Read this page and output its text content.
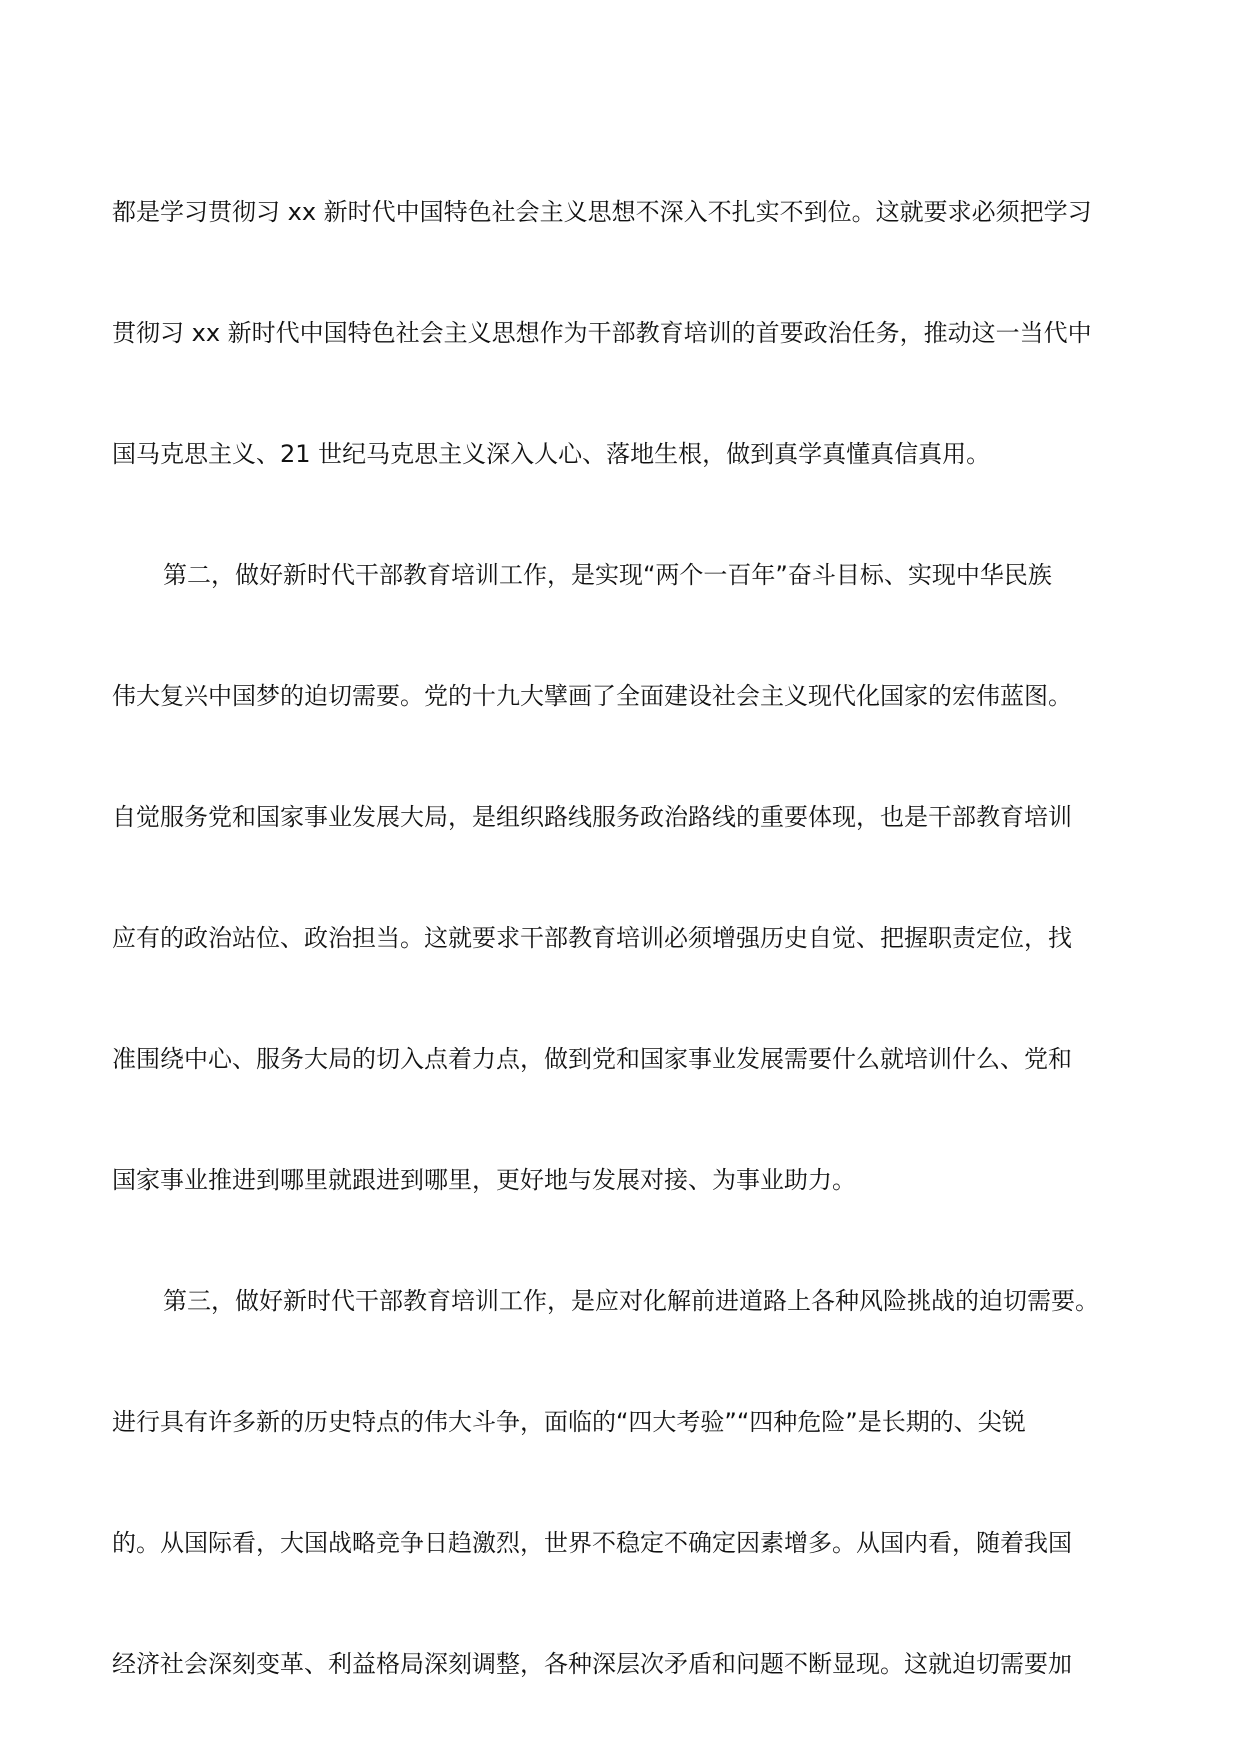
都是学习贯彻习 xx 新时代中国特色社会主义思想不深入不扎实不到位。这就要求必须把学习
贯彻习 xx 新时代中国特色社会主义思想作为干部教育培训的首要政治任务，推动这一当代中
国马克思主义、21 世纪马克思主义深入人心、落地生根，做到真学真懂真信真用。
第二，做好新时代干部教育培训工作，是实现“两个一百年”奋斗目标、实现中华民族
伟大复兴中国梦的迫切需要。党的十九大擘画了全面建设社会主义现代化国家的宏伟蓝图。
自觉服务党和国家事业发展大局，是组织路线服务政治路线的重要体现，也是干部教育培训
应有的政治站位、政治担当。这就要求干部教育培训必须增强历史自觉、把握职责定位，找
准围绕中心、服务大局的切入点着力点，做到党和国家事业发展需要什么就培训什么、党和
国家事业推进到哪里就跟进到哪里，更好地与发展对接、为事业助力。
第三，做好新时代干部教育培训工作，是应对化解前进道路上各种风险挑战的迫切需要。
进行具有许多新的历史特点的伟大斗争，面临的“四大考验”“四种危险”是长期的、尖锐
的。从国际看，大国战略竞争日趋激烈，世界不稳定不确定因素增多。从国内看，随着我国
经济社会深刻变革、利益格局深刻调整，各种深层次矛盾和问题不断显现。这就迫切需要加
